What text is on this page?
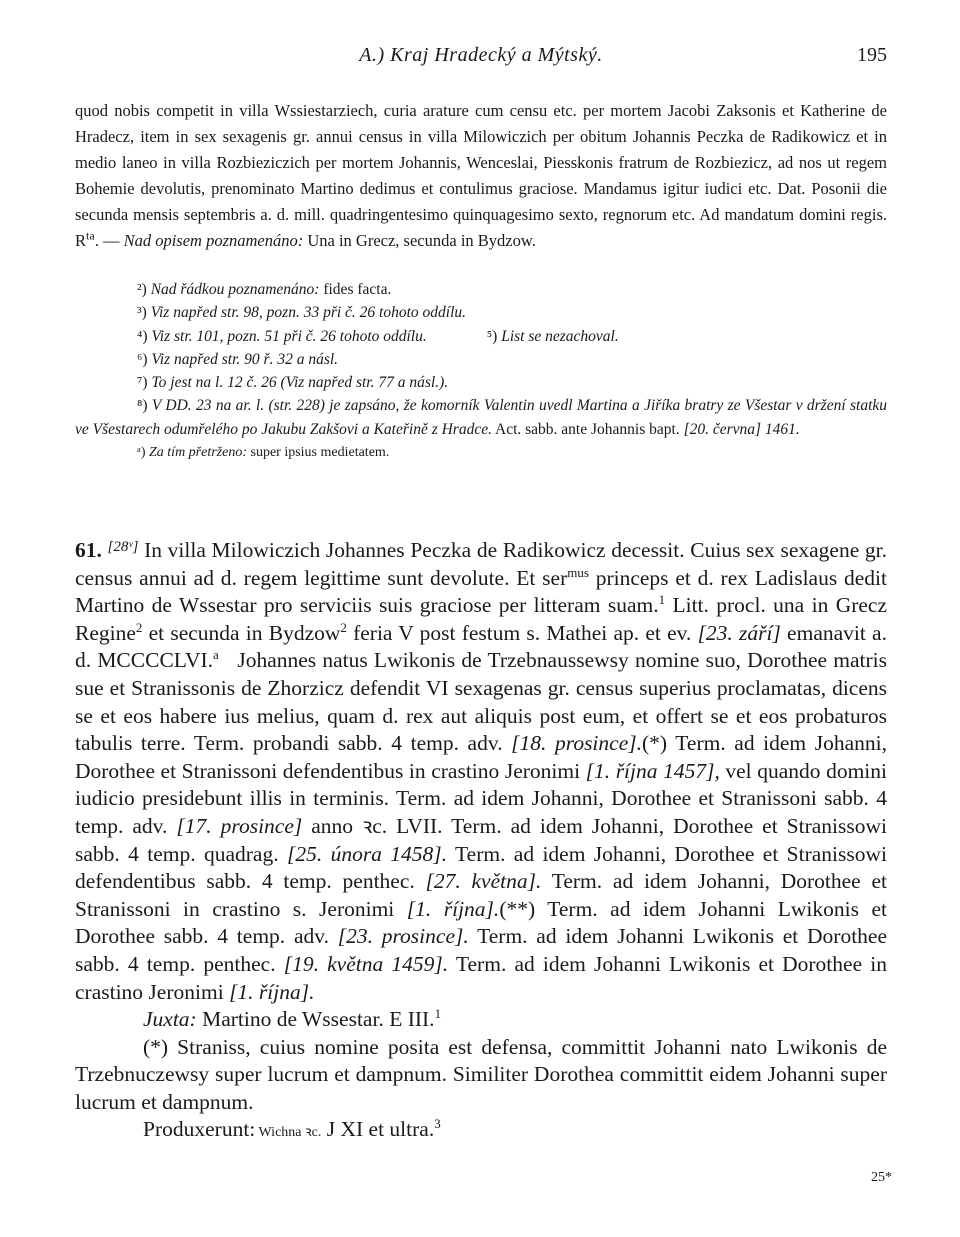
A.) Kraj Hradecký a Mýtský.	195

quod nobis competit in villa Wssiestarziech, curia arature cum censu etc. per mortem Jacobi Zaksonis et Katherine de Hradecz, item in sex sexagenis gr. annui census in villa Milowiczich per obitum Johannis Peczka de Radikowicz et in medio laneo in villa Rozbieziczich per mortem Johannis, Wenceslai, Piesskonis fratrum de Rozbiezicz, ad nos ut regem Bohemie devolutis, prenominato Martino dedimus et contulimus graciose. Mandamus igitur iudici etc. Dat. Posonii die secunda mensis septembris a. d. mill. quadringentesimo quinquagesimo sexto, regnorum etc. Ad mandatum domini regis. $R^{ta}$. — Nad opisem poznamenáno: Una in Grecz, secunda in Bydzow.

²) Nad řádkou poznamenáno: fides facta.

³) Viz napřed str. 98, pozn. 33 při č. 26 tohoto oddílu.

⁴) Viz str. 101, pozn. 51 při č. 26 tohoto oddílu.	⁵) List se nezachoval.

⁶) Viz napřed str. 90 ř. 32 a násl.

⁷) To jest na l. 12 č. 26 (Viz napřed str. 77 a násl.).

⁸) V DD. 23 na ar. l. (str. 228) je zapsáno, že komorník Valentin uvedl Martina a Jiříka bratry ze Všestar v držení statku ve Všestarech odumřelého po Jakubu Zakšovi a Kateřině z Hradce. Act. sabb. ante Johannis bapt. [20. června] 1461.

ᵃ) Za tím přetrženo: super ipsius medietatem.

61. [28ᵛ] In villa Milowiczich Johannes Peczka de Radikowicz decessit. Cuius sex sexagene gr. census annui ad d. regem legittime sunt devolute. Et ser$^{mus}$ princeps et d. rex Ladislaus dedit Martino de Wssestar pro serviciis suis graciose per litteram suam.$^1$ Litt. procl. una in Grecz Regine$^2$ et secunda in Bydzow$^2$ feria V post festum s. Mathei ap. et ev. [23. září] emanavit a. d. MCCCCLVI.$^a$   Johannes natus Lwikonis de Trzebnaussewsy nomine suo, Dorothee matris sue et Stranissonis de Zhorzicz defendit VI sexagenas gr. census superius proclamatas, dicens se et eos habere ius melius, quam d. rex aut aliquis post eum, et offert se et eos probaturos tabulis terre. Term. probandi sabb. 4 temp. adv. [18. prosince].(*) Term. ad idem Johanni, Dorothee et Stranissoni defendentibus in crastino Jeronimi [1. října 1457], vel quando domini iudicio presidebunt illis in terminis. Term. ad idem Johanni, Dorothee et Stranissoni sabb. 4 temp. adv. [17. prosince] anno ꝛc. LVII. Term. ad idem Johanni, Dorothee et Stranissowi sabb. 4 temp. quadrag. [25. února 1458]. Term. ad idem Johanni, Dorothee et Stranissowi defendentibus sabb. 4 temp. penthec. [27. května]. Term. ad idem Johanni, Dorothee et Stranissoni in crastino s. Jeronimi [1. října].(**) Term. ad idem Johanni Lwikonis et Dorothee sabb. 4 temp. adv. [23. prosince]. Term. ad idem Johanni Lwikonis et Dorothee sabb. 4 temp. penthec. [19. května 1459]. Term. ad idem Johanni Lwikonis et Dorothee in crastino Jeronimi [1. října].

Juxta: Martino de Wssestar. E III.$^1$

(*) Straniss, cuius nomine posita est defensa, committit Johanni nato Lwikonis de Trzebnuczewsy super lucrum et dampnum. Similiter Dorothea committit eidem Johanni super lucrum et dampnum.

Produxerunt: Wichna ꝛc. J XI et ultra.$^3$

25*
